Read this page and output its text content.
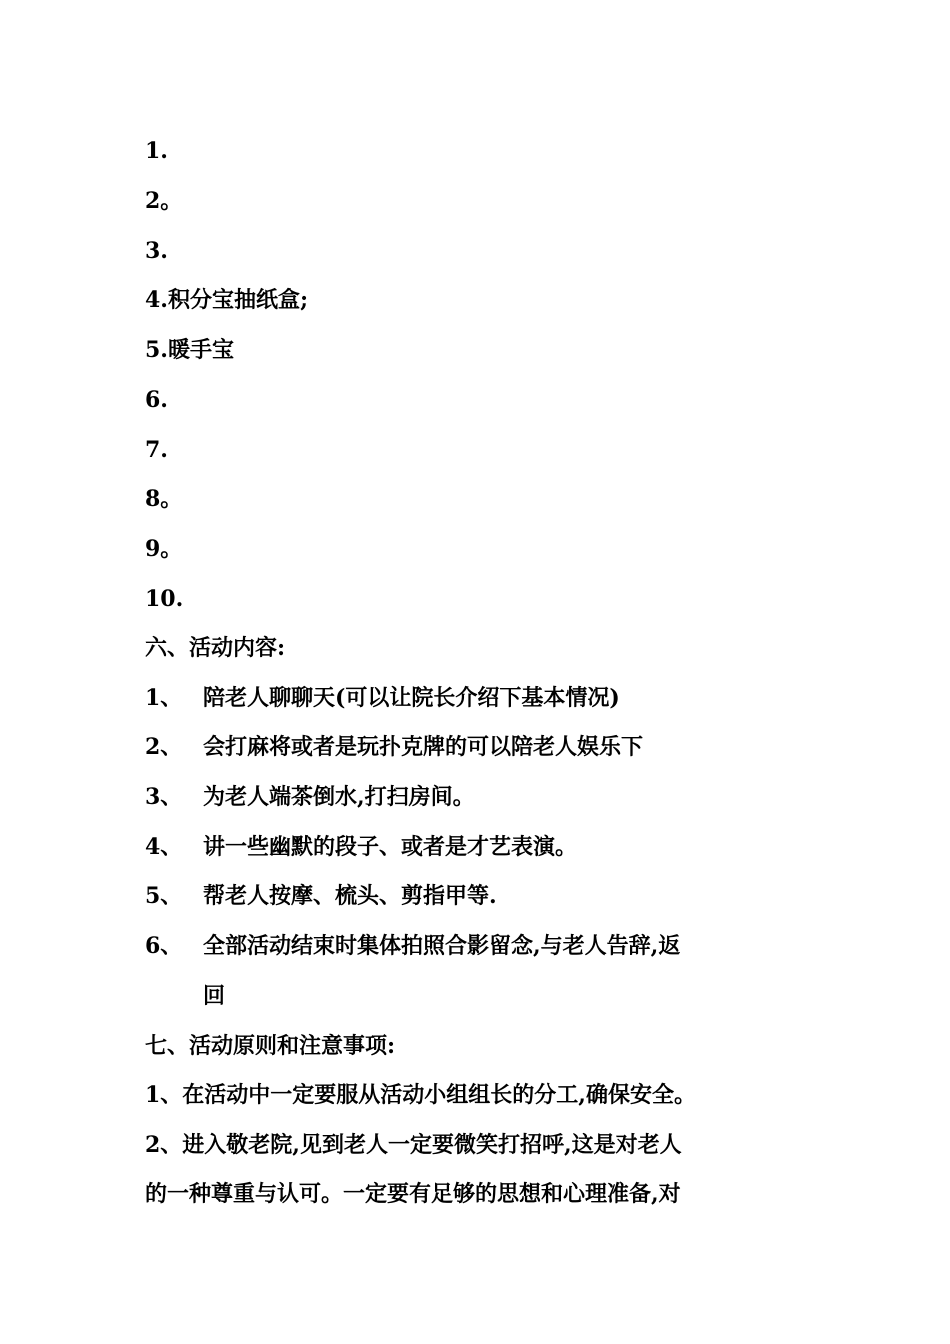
1.
2。
3.
4.积分宝抽纸盒;
5.暖手宝
6.
7.
8。
9。
10.
六、活动内容:
1、 陪老人聊聊天(可以让院长介绍下基本情况)
2、 会打麻将或者是玩扑克牌的可以陪老人娱乐下
3、 为老人端茶倒水,打扫房间。
4、 讲一些幽默的段子、或者是才艺表演。
5、 帮老人按摩、梳头、剪指甲等.
6、 全部活动结束时集体拍照合影留念,与老人告辞,返
回
七、活动原则和注意事项:
1、在活动中一定要服从活动小组组长的分工,确保安全。
2、进入敬老院,见到老人一定要微笑打招呼,这是对老人
的一种尊重与认可。一定要有足够的思想和心理准备,对
